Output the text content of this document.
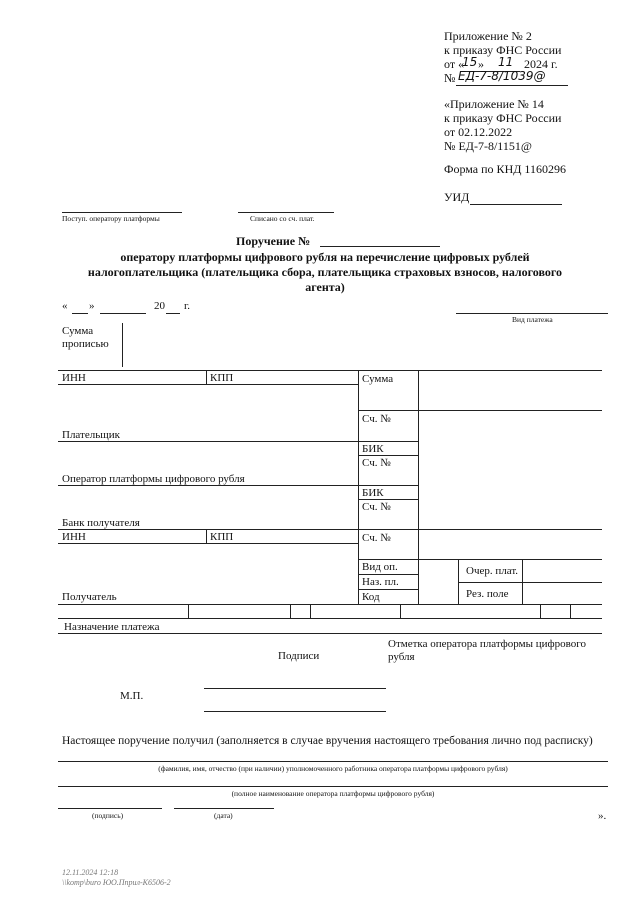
Приложение № 2
к приказу ФНС России
от «
15 » 11 2024 г.
№ ЕД-7-8/1039@
«Приложение № 14
к приказу ФНС России
от 02.12.2022
№ ЕД-7-8/1151@
Форма по КНД 1160296
УИД
Поступ. оператору платформы	Списано со сч. плат.
Поручение №
оператору платформы цифрового рубля на перечисление цифровых рублей
налогоплательщика (плательщика сбора, плательщика страховых взносов, налогового
агента)
« »	20 г.
Вид платежа
Сумма
прописью
ИНН	КПП	Сумма
Сч. №
Плательщик
БИК
Сч. №
Оператор платформы цифрового рубля
БИК
Сч. №
Банк получателя
ИНН	КПП	Сч. №
Вид оп.
Наз. пл.
Код
Очер. плат.
Рез. поле
Получатель
Назначение платежа
Подписи
Отметка оператора платформы цифрового
рубля
М.П.
Настоящее поручение получил (заполняется в случае вручения настоящего требования лично под расписку)
(фамилия, имя, отчество (при наличии) уполномоченного работника оператора платформы цифрового рубля)
(полное наименование оператора платформы цифрового рубля)
(подпись)	(дата)	».
12.11.2024 12:18
\\komp\buro ЮО.Пприл-К6506-2
